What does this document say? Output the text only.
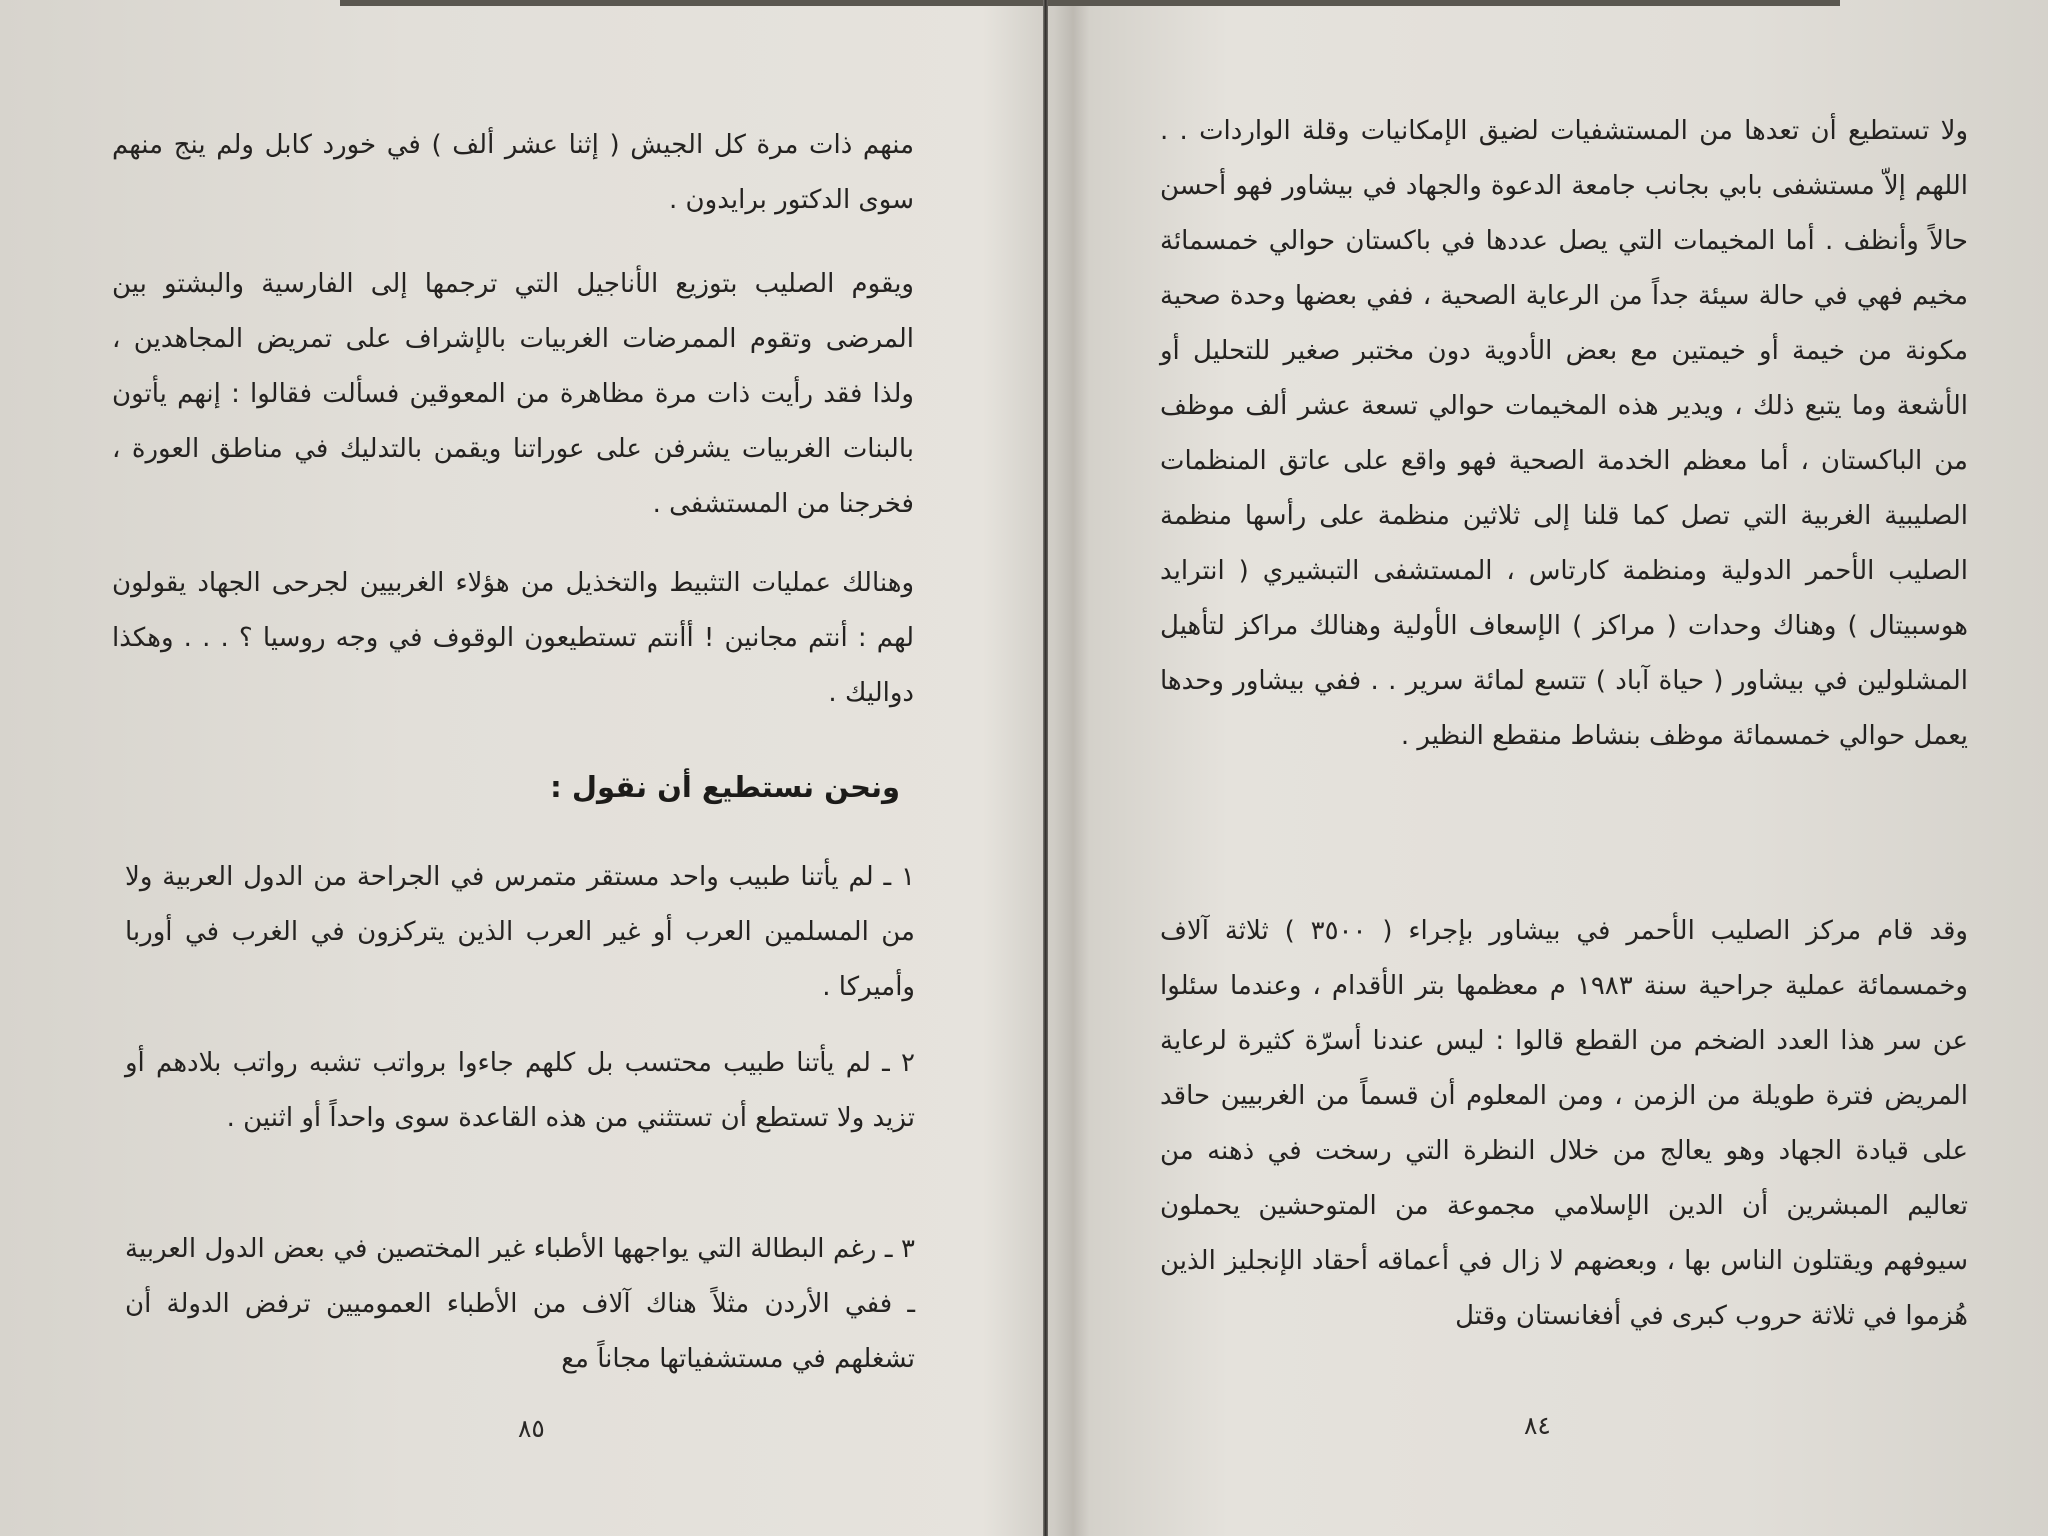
منهم ذات مرة كل الجيش ( إثنا عشر ألف ) في خورد كابل ولم ينج منهم سوى الدكتور برايدون .

ويقوم الصليب بتوزيع الأناجيل التي ترجمها إلى الفارسية والبشتو بين المرضى وتقوم الممرضات الغربيات بالإشراف على تمريض المجاهدين ، ولذا فقد رأيت ذات مرة مظاهرة من المعوقين فسألت فقالوا : إنهم يأتون بالبنات الغربيات يشرفن على عوراتنا ويقمن بالتدليك في مناطق العورة ، فخرجنا من المستشفى .

وهنالك عمليات التثبيط والتخذيل من هؤلاء الغربيين لجرحى الجهاد يقولون لهم : أنتم مجانين ! أأنتم تستطيعون الوقوف في وجه روسيا ؟ . . . وهكذا دواليك .

ونحن نستطيع أن نقول :
١ ـ لم يأتنا طبيب واحد مستقر متمرس في الجراحة من الدول العربية ولا من المسلمين العرب أو غير العرب الذين يتركزون في الغرب في أوربا وأميركا .
٢ ـ لم يأتنا طبيب محتسب بل كلهم جاءوا برواتب تشبه رواتب بلادهم أو تزيد ولا تستطع أن تستثني من هذه القاعدة سوى واحداً أو اثنين .
٣ ـ رغم البطالة التي يواجهها الأطباء غير المختصين في بعض الدول العربية ـ ففي الأردن مثلاً هناك آلاف من الأطباء العموميين ترفض الدولة أن تشغلهم في مستشفياتها مجاناً مع

ولا تستطيع أن تعدها من المستشفيات لضيق الإمكانيات وقلة الواردات . . اللهم إلاّ مستشفى بابي بجانب جامعة الدعوة والجهاد في بيشاور فهو أحسن حالاً وأنظف . أما المخيمات التي يصل عددها في باكستان حوالي خمسمائة مخيم فهي في حالة سيئة جداً من الرعاية الصحية ، ففي بعضها وحدة صحية مكونة من خيمة أو خيمتين مع بعض الأدوية دون مختبر صغير للتحليل أو الأشعة وما يتبع ذلك ، ويدير هذه المخيمات حوالي تسعة عشر ألف موظف من الباكستان ، أما معظم الخدمة الصحية فهو واقع على عاتق المنظمات الصليبية الغربية التي تصل كما قلنا إلى ثلاثين منظمة على رأسها منظمة الصليب الأحمر الدولية ومنظمة كارتاس ، المستشفى التبشيري ( انترايد هوسبيتال ) وهناك وحدات ( مراكز ) الإسعاف الأولية وهنالك مراكز لتأهيل المشلولين في بيشاور ( حياة آباد ) تتسع لمائة سرير . . ففي بيشاور وحدها يعمل حوالي خمسمائة موظف بنشاط منقطع النظير .

وقد قام مركز الصليب الأحمر في بيشاور بإجراء ( ٣٥٠٠ ) ثلاثة آلاف وخمسمائة عملية جراحية سنة ١٩٨٣ م معظمها بتر الأقدام ، وعندما سئلوا عن سر هذا العدد الضخم من القطع قالوا : ليس عندنا أسرّة كثيرة لرعاية المريض فترة طويلة من الزمن ، ومن المعلوم أن قسماً من الغربيين حاقد على قيادة الجهاد وهو يعالج من خلال النظرة التي رسخت في ذهنه من تعاليم المبشرين أن الدين الإسلامي مجموعة من المتوحشين يحملون سيوفهم ويقتلون الناس بها ، وبعضهم لا زال في أعماقه أحقاد الإنجليز الذين هُزموا في ثلاثة حروب كبرى في أفغانستان وقتل

٨٥	٨٤
